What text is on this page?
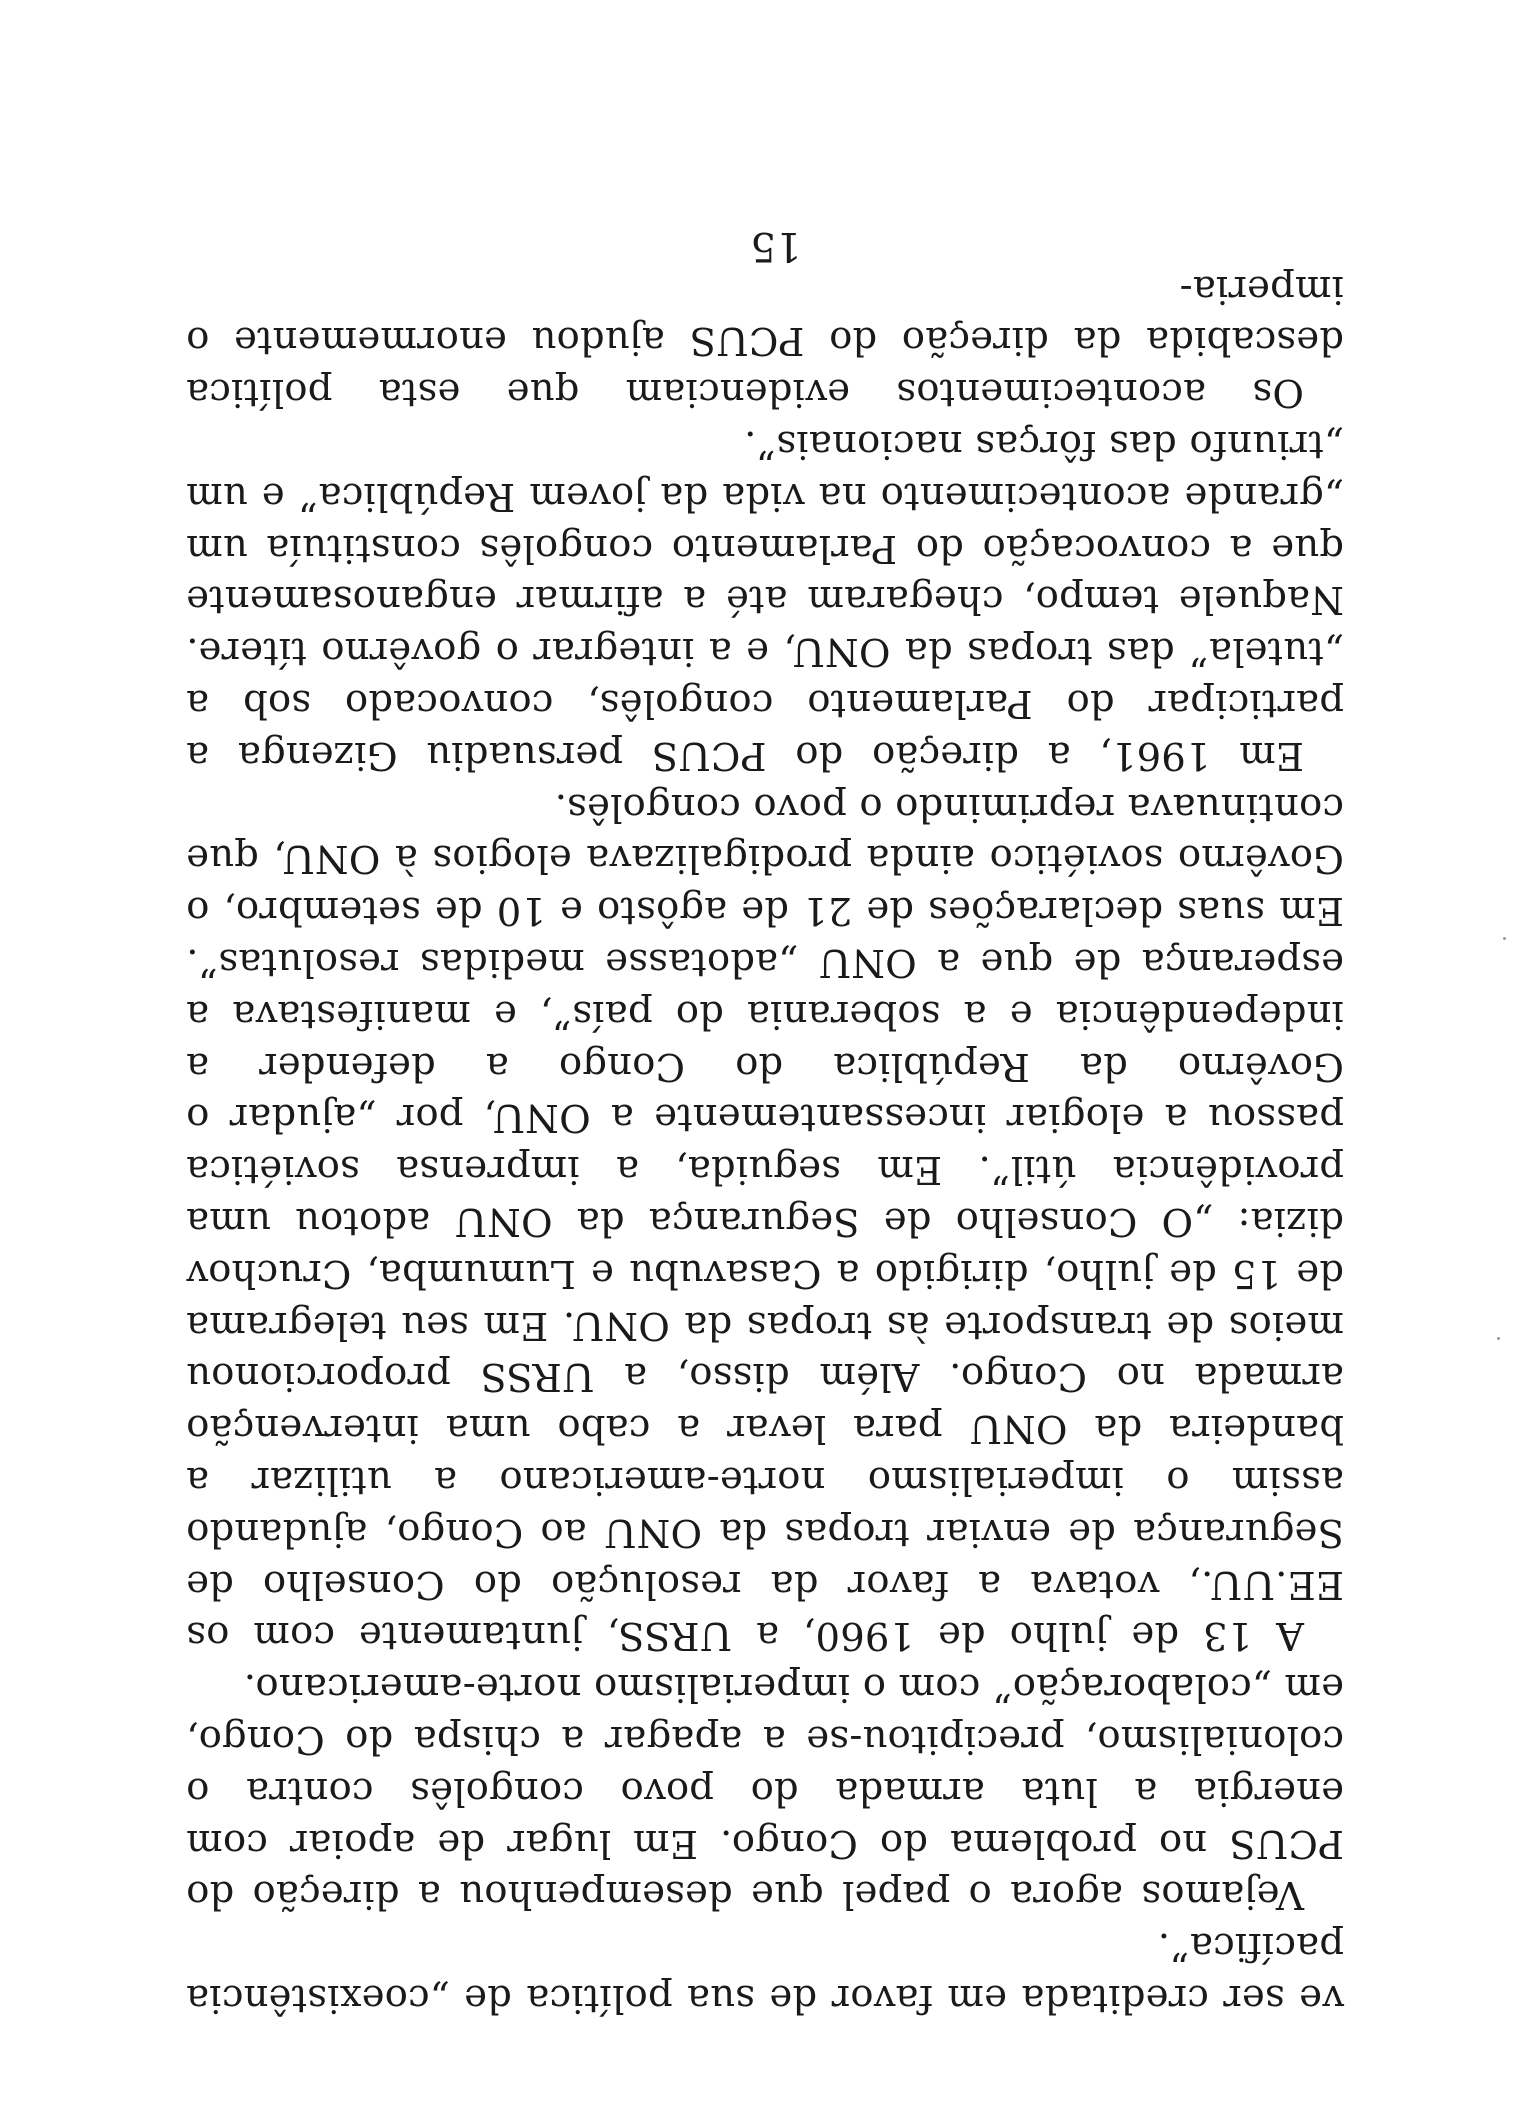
ve ser creditada em favor de sua política de „coexistência pacífica”.

Vejamos agora o papel que desempenhou a direção do PCUS no problema do Congo. Em lugar de apoiar com energia a luta armada do povo congolês contra o colonialismo, precipitou-se a apagar a chispa do Congo, em „colaboração” com o imperialismo norte-americano.

A 13 de julho de 1960, a URSS, juntamente com os EE.UU., votava a favor da resolução do Conselho de Segurança de enviar tropas da ONU ao Congo, ajudando assim o imperialismo norte-americano a utilizar a bandeira da ONU para levar a cabo uma intervenção armada no Congo. Além disso, a URSS proporcionou meios de transporte às tropas da ONU. Em seu telegrama de 15 de julho, dirigido a Casavubu e Lumumba, Cruchov dizia: „O Conselho de Segurança da ONU adotou uma providência útil”. Em seguida, a imprensa soviética passou a elogiar incessantemente a ONU, por „ajudar o Govêrno da República do Congo a defender a independência e a soberania do país”, e manifestava a esperança de que a ONU „adotasse medidas resolutas”. Em suas declarações de 21 de agôsto e 10 de setembro, o Govêrno soviético ainda prodigalizava elogios à ONU, que continuava reprimindo o povo congolês.

Em 1961, a direção do PCUS persuadiu Gizenga a participar do Parlamento congolês, convocado sob a „tutela” das tropas da ONU, e a integrar o govêrno títere. Naquele tempo, chegaram até a afirmar enganosamente que a convocação do Parlamento congolês constituía um „grande acontecimento na vida da jovem República” e um „triunfo das fôrças nacionais”.

Os acontecimentos evidenciam que esta política descabida da direção do PCUS ajudou enormemente o imperia-

15
